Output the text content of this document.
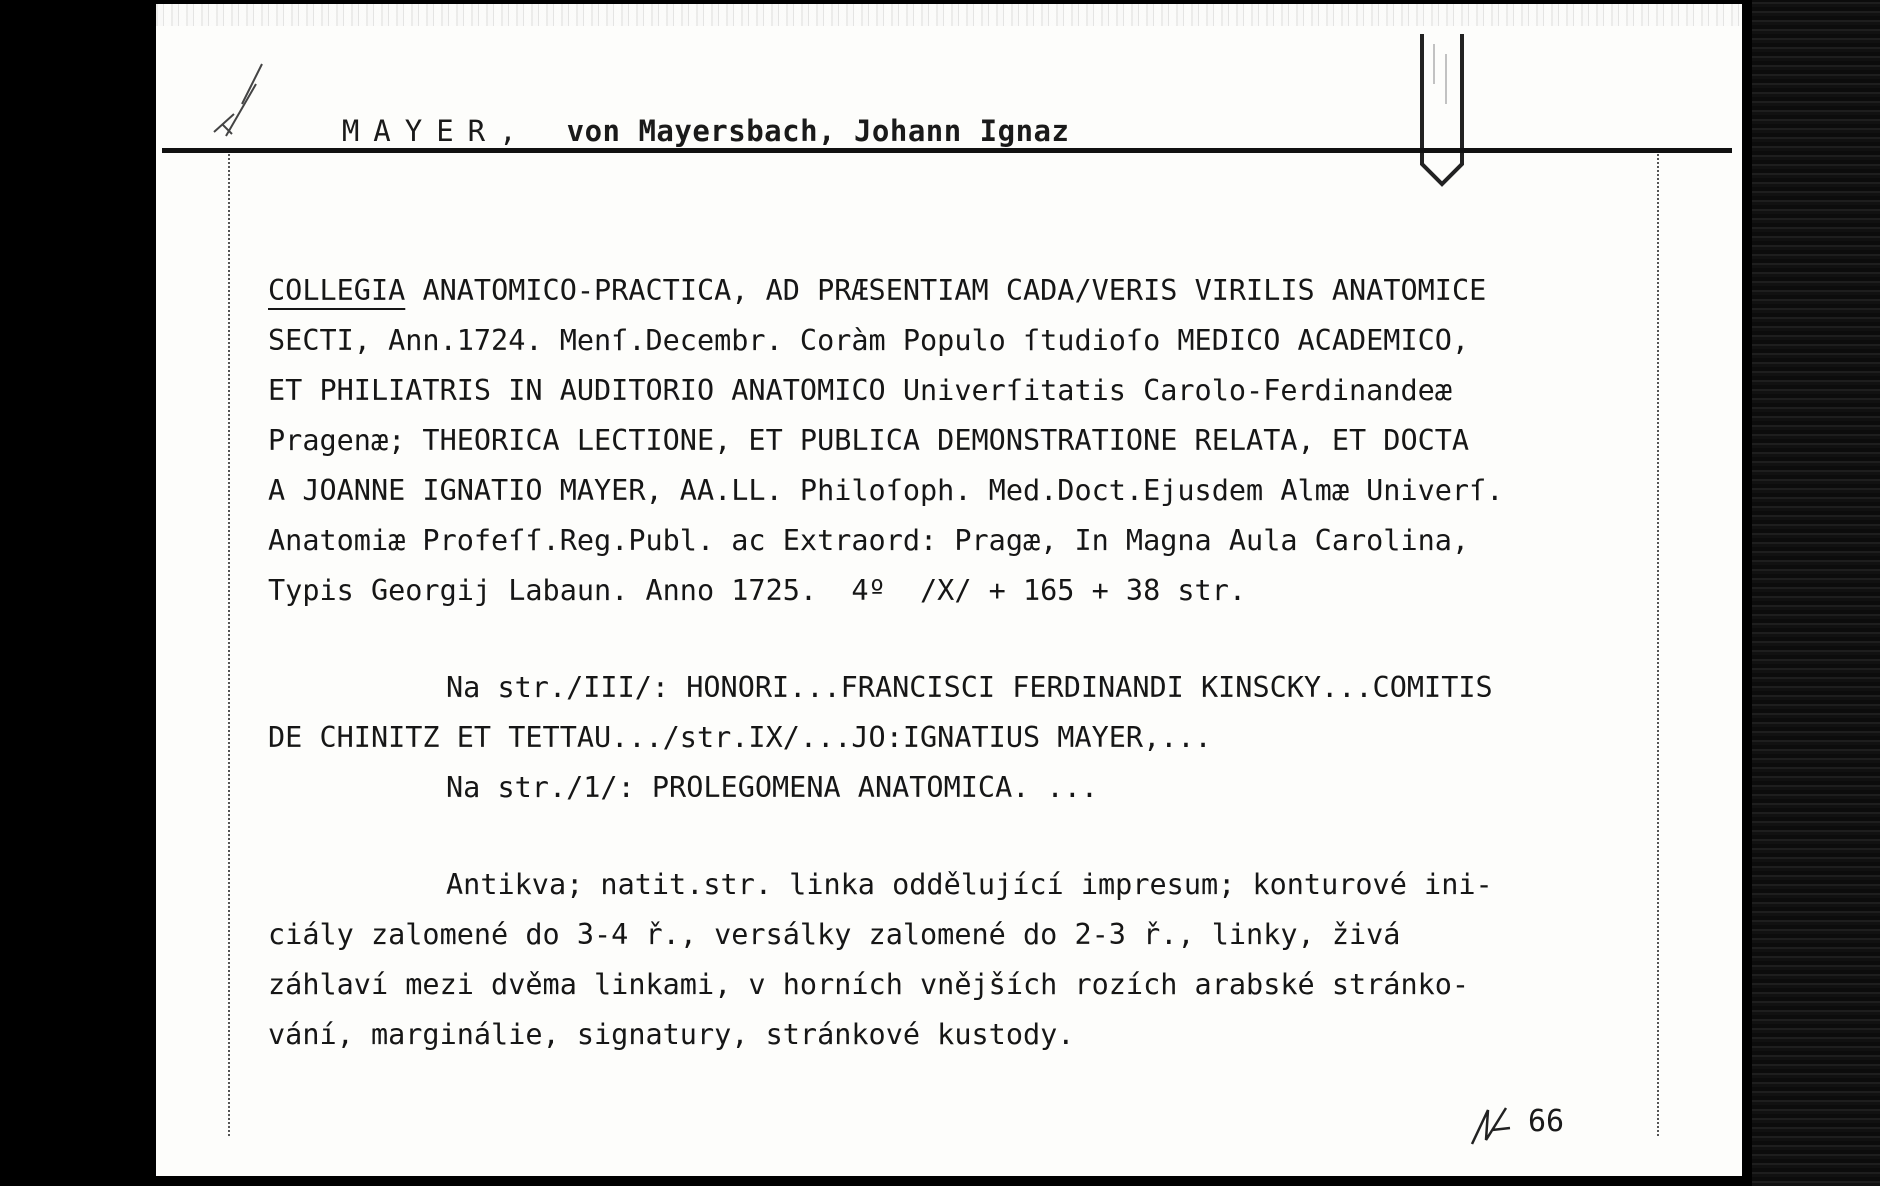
MAYER, von Mayersbach, Johann Ignaz

COLLEGIA ANATOMICO-PRACTICA, AD PRÆSENTIAM CADA/VERIS VIRILIS ANATOMICE
SECTI, Ann.1724. Menſ.Decembr. Coràm Populo ſtudioſo MEDICO ACADEMICO,
ET PHILIATRIS IN AUDITORIO ANATOMICO Univerſitatis Carolo-Ferdinandeæ
Pragenæ; THEORICA LECTIONE, ET PUBLICA DEMONSTRATIONE RELATA, ET DOCTA
A JOANNE IGNATIO MAYER, AA.LL. Philoſoph. Med.Doct.Ejusdem Almæ Univerſ.
Anatomiæ Profeſſ.Reg.Publ. ac Extraord: Pragæ, In Magna Aula Carolina,
Typis Georgij Labaun. Anno 1725.  4º  /X/ + 165 + 38 str.
Na str./III/: HONORI...FRANCISCI FERDINANDI KINSCKY...COMITIS
DE CHINITZ ET TETTAU.../str.IX/...JO:IGNATIUS MAYER,...
Na str./1/: PROLEGOMENA ANATOMICA. ...
Antikva; natit.str. linka oddělující impresum; konturové ini-
ciály zalomené do 3-4 ř., versálky zalomené do 2-3 ř., linky, živá
záhlaví mezi dvěma linkami, v horních vnějších rozích arabské stránko-
vání, marginálie, signatury, stránkové kustody.
66
